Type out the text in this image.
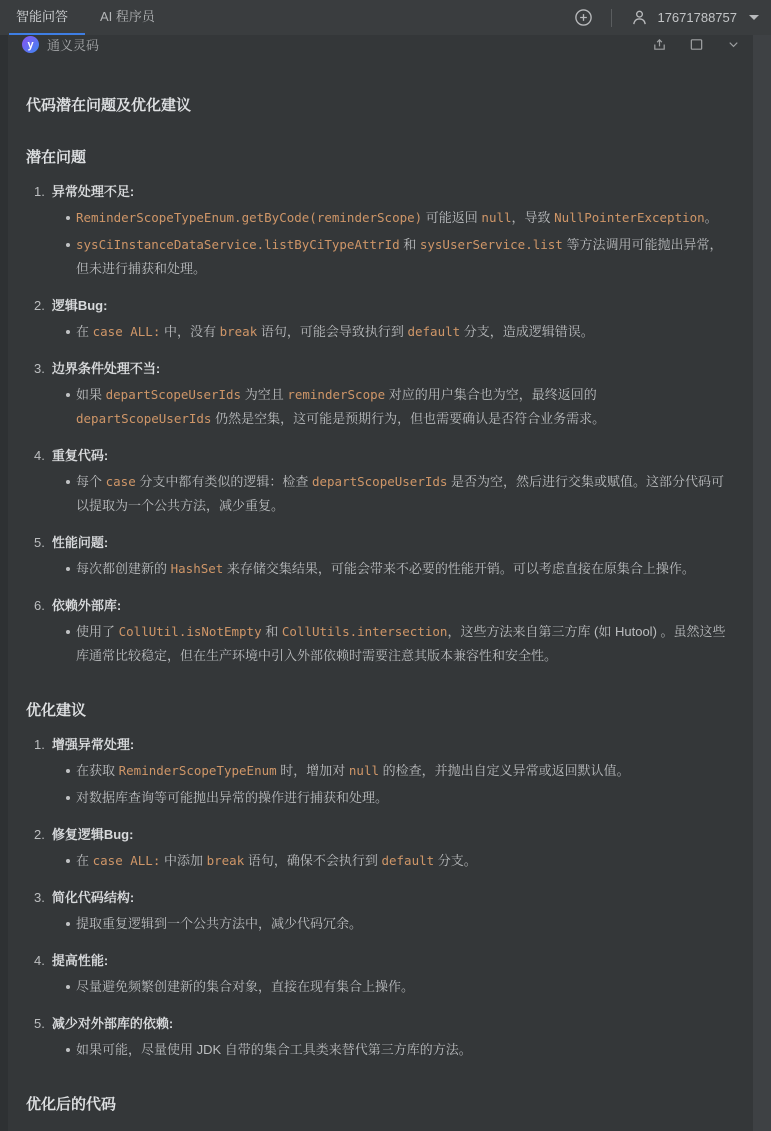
智能问答	AI 程序员	17671788757
y	通义灵码
代码潜在问题及优化建议
潜在问题
1. 异常处理不足:
ReminderScopeTypeEnum.getByCode(reminderScope) 可能返回 null，导致 NullPointerException。
sysCiInstanceDataService.listByCiTypeAttrId 和 sysUserService.list 等方法调用可能抛出异常，但未进行捕获和处理。
2. 逻辑Bug:
在 case ALL: 中，没有 break 语句，可能会导致执行到 default 分支，造成逻辑错误。
3. 边界条件处理不当:
如果 departScopeUserIds 为空且 reminderScope 对应的用户集合也为空，最终返回的 departScopeUserIds 仍然是空集，这可能是预期行为，但也需要确认是否符合业务需求。
4. 重复代码:
每个 case 分支中都有类似的逻辑：检查 departScopeUserIds 是否为空，然后进行交集或赋值。这部分代码可以提取为一个公共方法，减少重复。
5. 性能问题:
每次都创建新的 HashSet 来存储交集结果，可能会带来不必要的性能开销。可以考虑直接在原集合上操作。
6. 依赖外部库:
使用了 CollUtil.isNotEmpty 和 CollUtils.intersection，这些方法来自第三方库 (如 Hutool) 。虽然这些库通常比较稳定，但在生产环境中引入外部依赖时需要注意其版本兼容性和安全性。
优化建议
1. 增强异常处理:
在获取 ReminderScopeTypeEnum 时，增加对 null 的检查，并抛出自定义异常或返回默认值。
对数据库查询等可能抛出异常的操作进行捕获和处理。
2. 修复逻辑Bug:
在 case ALL: 中添加 break 语句，确保不会执行到 default 分支。
3. 简化代码结构:
提取重复逻辑到一个公共方法中，减少代码冗余。
4. 提高性能:
尽量避免频繁创建新的集合对象，直接在现有集合上操作。
5. 减少对外部库的依赖:
如果可能，尽量使用 JDK 自带的集合工具类来替代第三方库的方法。
优化后的代码
